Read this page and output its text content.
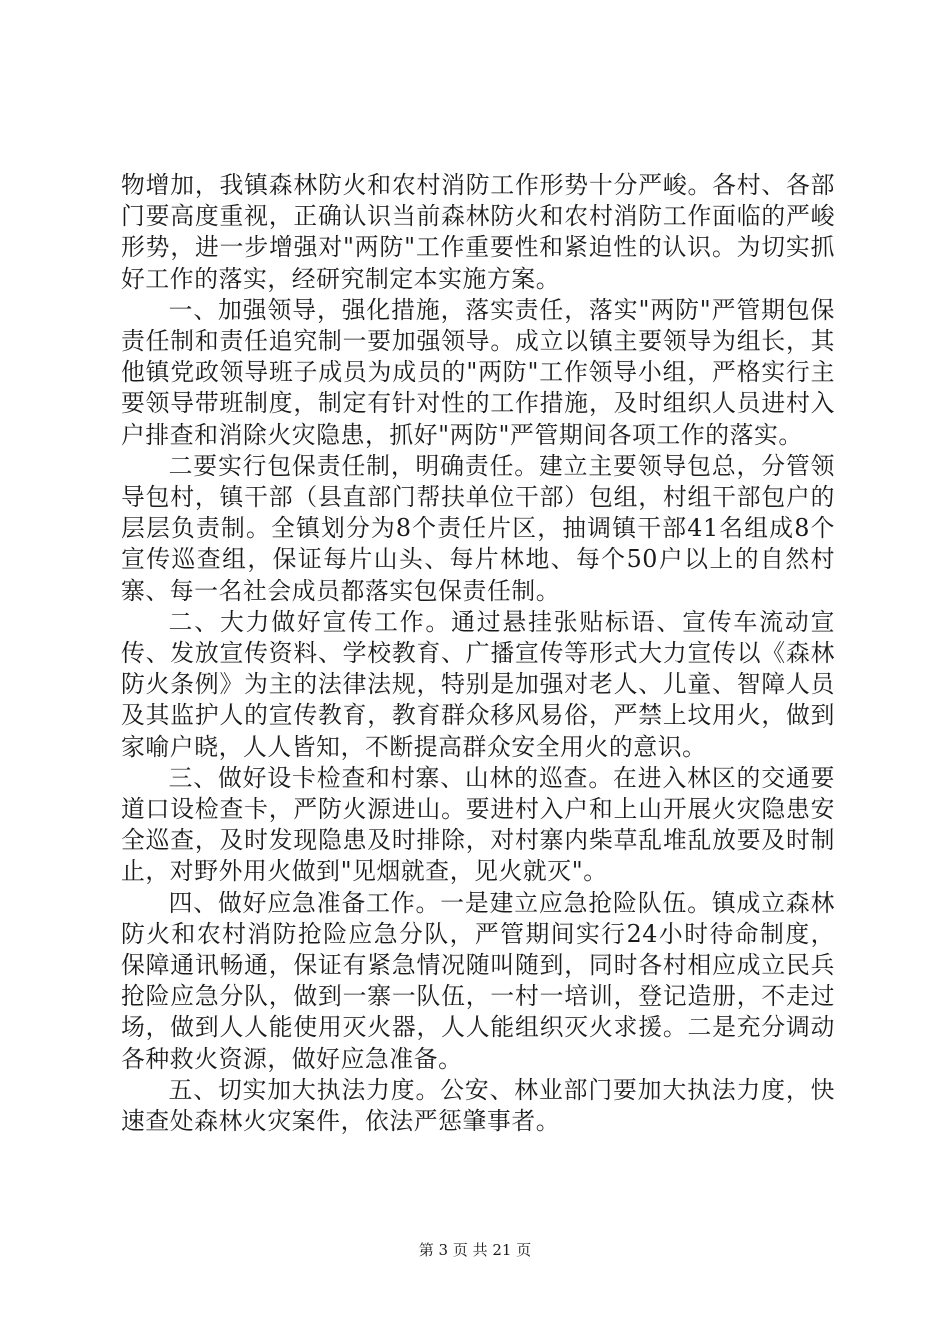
物增加，我镇森林防火和农村消防工作形势十分严峻。各村、各部门要高度重视，正确认识当前森林防火和农村消防工作面临的严峻形势，进一步增强对"两防"工作重要性和紧迫性的认识。为切实抓好工作的落实，经研究制定本实施方案。

一、加强领导，强化措施，落实责任，落实"两防"严管期包保责任制和责任追究制一要加强领导。成立以镇主要领导为组长，其他镇党政领导班子成员为成员的"两防"工作领导小组，严格实行主要领导带班制度，制定有针对性的工作措施，及时组织人员进村入户排查和消除火灾隐患，抓好"两防"严管期间各项工作的落实。

二要实行包保责任制，明确责任。建立主要领导包总，分管领导包村，镇干部（县直部门帮扶单位干部）包组，村组干部包户的层层负责制。全镇划分为8个责任片区，抽调镇干部41名组成8个宣传巡查组，保证每片山头、每片林地、每个50户以上的自然村寨、每一名社会成员都落实包保责任制。

二、大力做好宣传工作。通过悬挂张贴标语、宣传车流动宣传、发放宣传资料、学校教育、广播宣传等形式大力宣传以《森林防火条例》为主的法律法规，特别是加强对老人、儿童、智障人员及其监护人的宣传教育，教育群众移风易俗，严禁上坟用火，做到家喻户晓，人人皆知，不断提高群众安全用火的意识。

三、做好设卡检查和村寨、山林的巡查。在进入林区的交通要道口设检查卡，严防火源进山。要进村入户和上山开展火灾隐患安全巡查，及时发现隐患及时排除，对村寨内柴草乱堆乱放要及时制止，对野外用火做到"见烟就查，见火就灭"。

四、做好应急准备工作。一是建立应急抢险队伍。镇成立森林防火和农村消防抢险应急分队，严管期间实行24小时待命制度，保障通讯畅通，保证有紧急情况随叫随到，同时各村相应成立民兵抢险应急分队，做到一寨一队伍，一村一培训，登记造册，不走过场，做到人人能使用灭火器，人人能组织灭火求援。二是充分调动各种救火资源，做好应急准备。

五、切实加大执法力度。公安、林业部门要加大执法力度，快速查处森林火灾案件，依法严惩肇事者。

第 3 页 共 21 页
